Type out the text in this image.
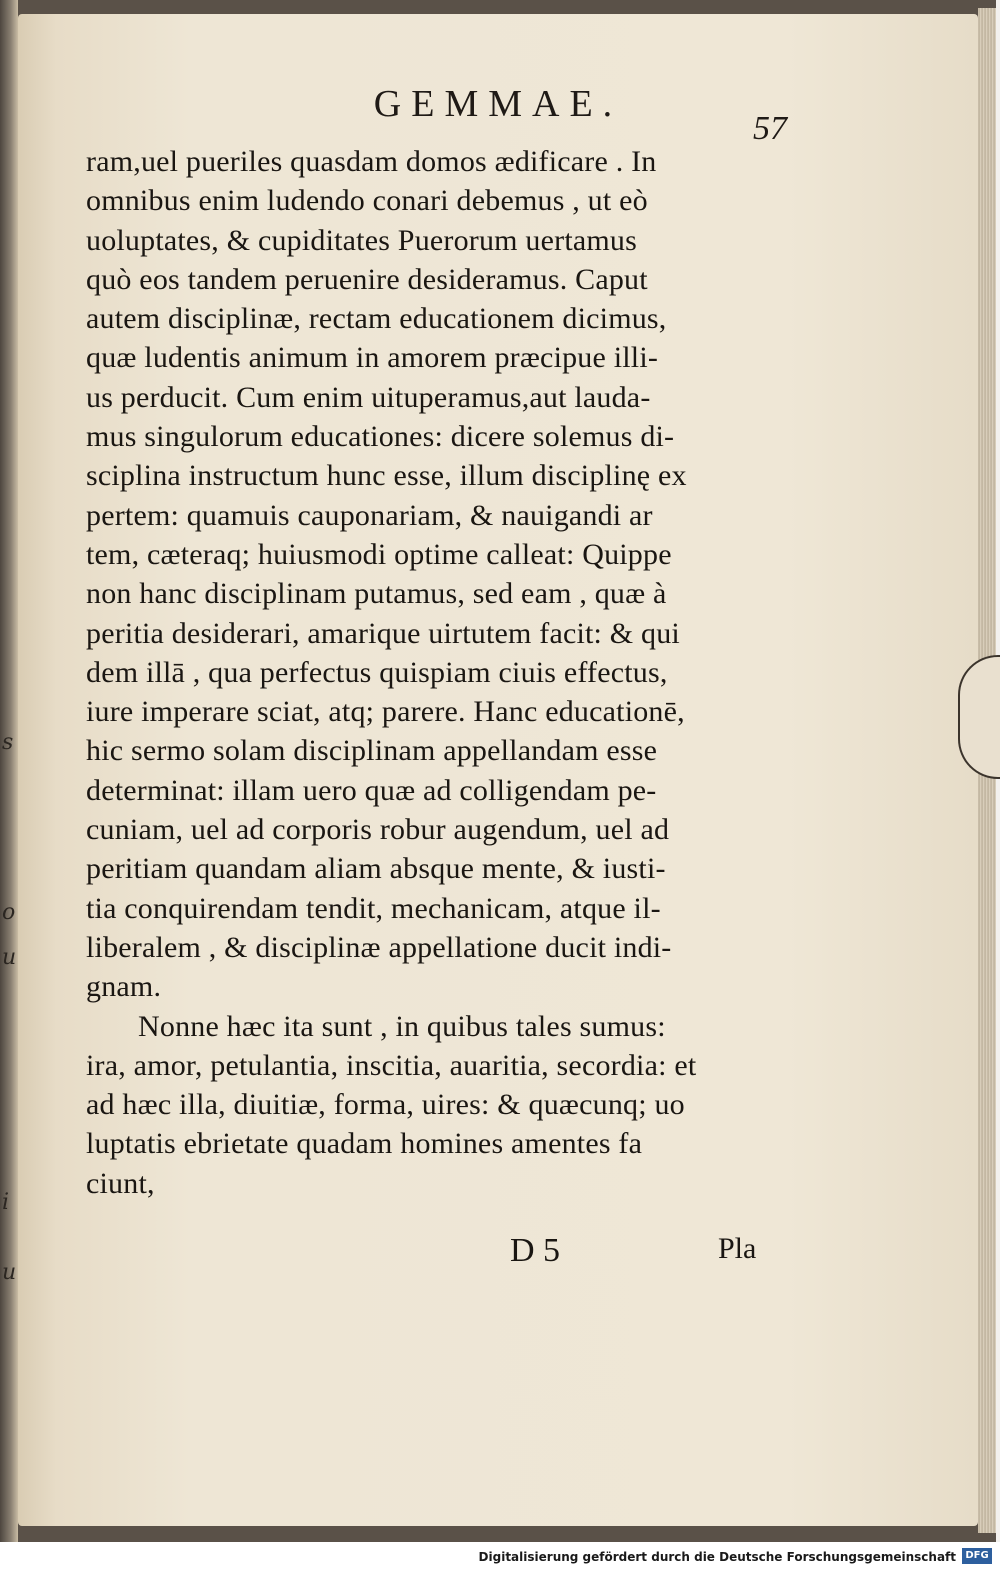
s
o
u
i
u
GEMMAE.
57
ram,uel pueriles quasdam domos ædificare . In
omnibus enim ludendo conari debemus , ut eò
uoluptates, & cupiditates Puerorum uertamus
quò eos tandem peruenire desideramus. Caput
autem disciplinæ, rectam educationem dicimus,
quæ ludentis animum in amorem præcipue illi-
us perducit. Cum enim uituperamus,aut lauda-
mus singulorum educationes: dicere solemus di-
sciplina instructum hunc esse, illum disciplinę ex
pertem: quamuis cauponariam, & nauigandi ar
tem, cæteraq; huiusmodi optime calleat: Quippe
non hanc disciplinam putamus, sed eam , quæ à
peritia desiderari, amarique uirtutem facit: & qui
dem illā , qua perfectus quispiam ciuis effectus,
iure imperare sciat, atq; parere. Hanc educationē,
hic sermo solam disciplinam appellandam esse
determinat: illam uero quæ ad colligendam pe-
cuniam, uel ad corporis robur augendum, uel ad
peritiam quandam aliam absque mente, & iusti-
tia conquirendam tendit, mechanicam, atque il-
liberalem , & disciplinæ appellatione ducit indi-
gnam.
Nonne hæc ita sunt , in quibus tales sumus:
ira, amor, petulantia, inscitia, auaritia, secordia: et
ad hæc illa, diuitiæ, forma, uires: & quæcunq; uo
luptatis ebrietate quadam homines amentes fa
ciunt,
D 5	Pla
Digitalisierung gefördert durch die Deutsche Forschungsgemeinschaft DFG
